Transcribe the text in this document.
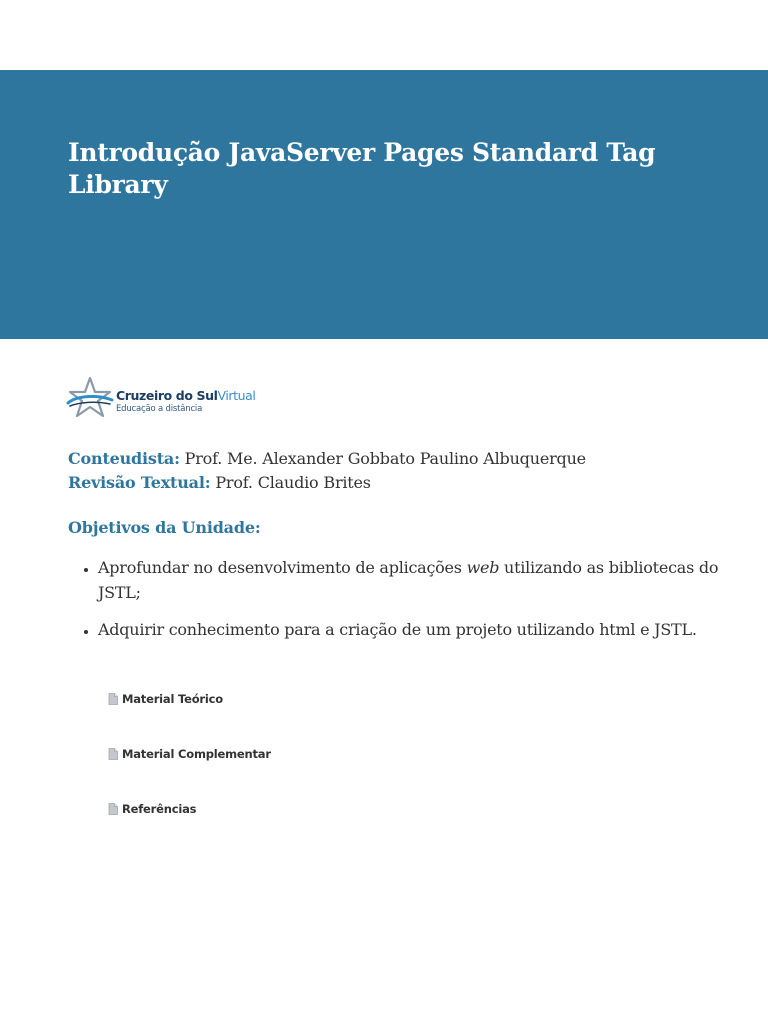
Introdução JavaServer Pages Standard Tag Library
Cruzeiro do SulVirtual
Educação a distância
Conteudista: Prof. Me. Alexander Gobbato Paulino Albuquerque
Revisão Textual: Prof. Claudio Brites
Objetivos da Unidade:
• Aprofundar no desenvolvimento de aplicações web utilizando as bibliotecas do JSTL;
• Adquirir conhecimento para a criação de um projeto utilizando html e JSTL.
Material Teórico
Material Complementar
Referências
